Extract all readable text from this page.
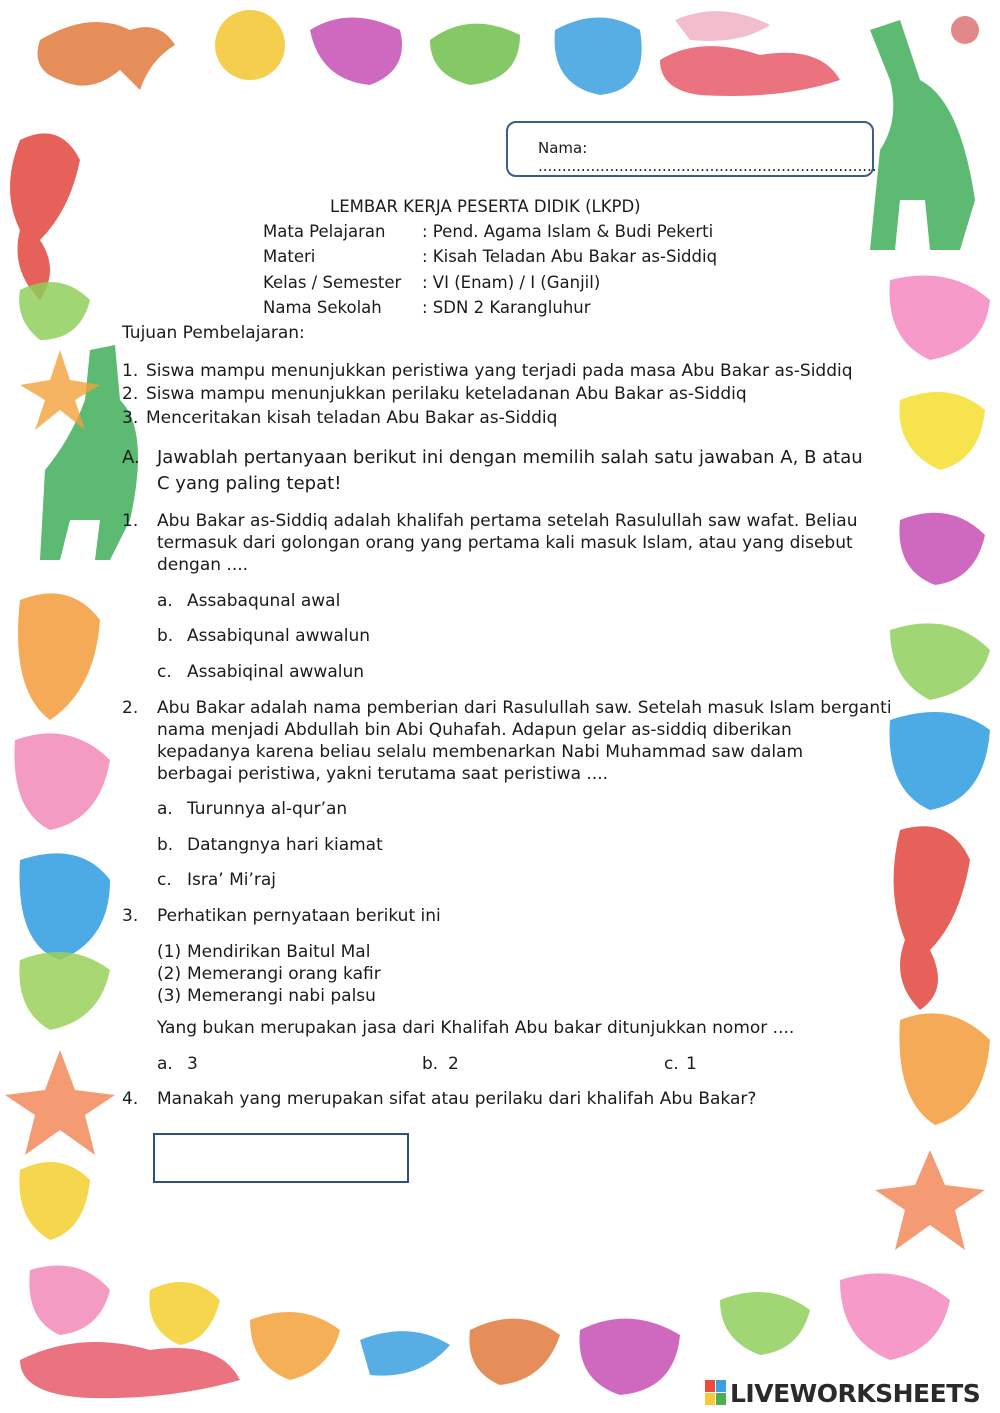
Nama: .......................................................................
LEMBAR KERJA PESERTA DIDIK (LKPD)
Mata Pelajaran : Pend. Agama Islam & Budi Pekerti
Materi	: Kisah Teladan Abu Bakar as-Siddiq
Kelas / Semester : VI (Enam) / I (Ganjil)
Nama Sekolah : SDN 2 Karangluhur
Tujuan Pembelajaran:
1. Siswa mampu menunjukkan peristiwa yang terjadi pada masa Abu Bakar as-Siddiq
2. Siswa mampu menunjukkan perilaku keteladanan Abu Bakar as-Siddiq
3. Menceritakan kisah teladan Abu Bakar as-Siddiq
A. Jawablah pertanyaan berikut ini dengan memilih salah satu jawaban A, B atau
C yang paling tepat!
1. Abu Bakar as-Siddiq adalah khalifah pertama setelah Rasulullah saw wafat. Beliau
termasuk dari golongan orang yang pertama kali masuk Islam, atau yang disebut
dengan ....
a. Assabaqunal awal
b. Assabiqunal awwalun
c. Assabiqinal awwalun
2. Abu Bakar adalah nama pemberian dari Rasulullah saw. Setelah masuk Islam berganti
nama menjadi Abdullah bin Abi Quhafah. Adapun gelar as-siddiq diberikan
kepadanya karena beliau selalu membenarkan Nabi Muhammad saw dalam
berbagai peristiwa, yakni terutama saat peristiwa ....
a. Turunnya al-qur’an
b. Datangnya hari kiamat
c. Isra’ Mi’raj
3. Perhatikan pernyataan berikut ini
(1) Mendirikan Baitul Mal
(2) Memerangi orang kafir
(3) Memerangi nabi palsu
Yang bukan merupakan jasa dari Khalifah Abu bakar ditunjukkan nomor ....
a. 3	b. 2	c. 1
4. Manakah yang merupakan sifat atau perilaku dari khalifah Abu Bakar?
LIVEWORKSHEETS
